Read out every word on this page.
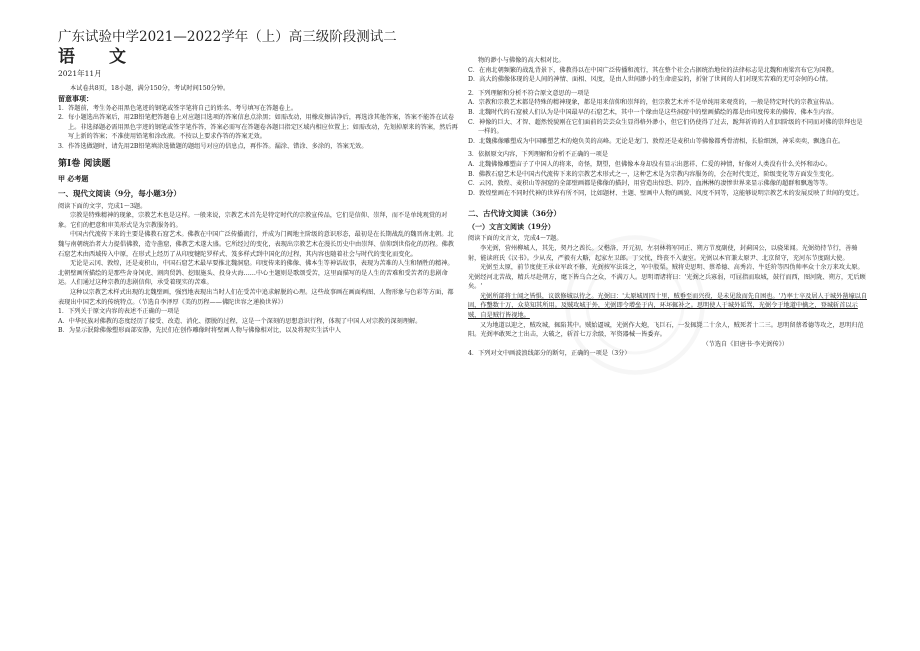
广东试验中学2021—2022学年（上）高三级阶段测试二

语文

2021年11月

本试卷共8页，18小题，满分150分，考试时间150分钟。

留意事项：

1．答题前，考生务必用黑色笔迹的钢笔或签字笔将自己的姓名、考号填写在答题卷上。

2．每小题选出答案后，用2B铅笔把答题卷上对应题目选项的答案信息点涂黑；如需改动，用橡皮擦洁净后，再选涂其他答案，答案不能答在试卷上。非选择题必需用黑色字迹的钢笔或签字笔作答，答案必需写在答题卷各题目指定区域内相应位置上；如需改动，先划掉原来的答案，然后再写上新的答案；不准使用铅笔和涂改液。不按以上要求作答的答案无效。

3．作答选做题时，请先用2B铅笔填涂选做题的题组号对应的信息点，再作答。漏涂、错涂、多涂的，答案无效。

第Ⅰ卷 阅读题

甲 必考题

一、现代文阅读（9分，每小题3分）

阅读下面的文字，完成1～3题。

宗教是特殊精神的现象，宗教艺术也是这样。一般来说，宗教艺术首先是特定时代的宗教宣传品，它们是信仰、崇拜，而不是单纯观赏的对象。它们的把意和审美形式是为宗教服务的。

中国古代流传下来的主要是佛教石窟艺术。佛教在中国广泛传播流行，并成为门阀地主阶级的意识形态，最初是在长期战乱的魏晋南北朝。北魏与南朝统治者大力提倡佛教，造寺凿窟，佛教艺术遂大盛。它所经过的变化，表现出宗教艺术在漫长历史中由崇拜、信仰到世俗化的历程。佛教石窟艺术由西域传入中原，在形式上经历了从印度犍陀罗样式、笈多样式到中国化的过程，其内容也随着社会与时代的变化而变化。

无论是云冈、敦煌，还是麦积山，中国石窟艺术最早要推北魏洞窟。印度传来的佛像、佛本生等神话故事，表现为苦难的人生和牺牲的精神。北朝壁画所描绘的是那些舍身饲虎、割肉贸鸽、挖眼施头、投身火海……中心主题则是歌颂受苦，这里面描写的是人生的苦难和受苦者的悲剧命运。人们通过这种宗教的悲剧信仰，承受着现实的苦难。

这种以宗教艺术样式出现的北魏壁画，强烈地表现出当时人们在受苦中追求解脱的心理。这些故事画在画面构图、人物形象与色彩等方面，都表现出中国艺术的传统特点。（节选自李泽厚《美的历程——佛陀世容之递换世界》）

1．下列关于原文内容的表述不正确的一项是

A．中华民族对佛教的态度经历了接受、改造、消化、摆脱的过程，这是一个深刻的思想意识行程，体现了中国人对宗教的深刻理解。

B．为显示泯除佛像塑形面部安静，先民们在创作雕像时将壁画人物与佛像相对比，以及将现实生活中人

物的渺小与佛像的高大相对比。

C．在南北朝频繁的战乱背景下，佛教得以在中国广泛传播和流行，其在整个社会占据统治地位的法律标志是北魏和南梁宫布它为国教。

D．高大的佛像体现的是人间的神情、面相、风度，是由人世间渺小的生命虚妄的，折射了世间的人们对现实苦难的无可奈何的心情。

2．下列理解和分析不符合原文意思的一项是

A．宗教和宗教艺术都是特殊的精神现象，都是用来信仰和崇拜的，但宗教艺术并不是单纯用来观赏的，一般是特定时代的宗教宣传品。

B．北魏时代的石窟被人们认为是中国最早的石窟艺术，其中一个缘由是这些洞窟中的壁画描绘的都是由印度传来的佛传、佛本生内容。

C．神像的巨大、才智、超然悦貌刚在它们面前的芸芸众生显得格外渺小，但它们仍使得了过去，跪拜祈祷的人们因阶级的不同而对佛的崇拜也是一样的。

D．北魏佛像雕塑成为中国雕塑艺术的炮负美的高峰。无论是龙门、敦煌还是麦积山等佛像都秀骨清相，长脸细颈，神采奕奕，飘逸自在。

3．依据原文内容，下列理解和分析不正确的一项是

A．北魏佛像雕塑亩子了中国人的将来，奇怪，期望，但佛像本身却没有显示出慈祥、仁爱的神情，好像对人类没有什么关怀和动心。

B．佛教石窟艺术是中国古代流传下来的宗教艺术形式之一，这种艺术是为宗教内容服务的，会在时代变迁，阶级变化等方面发生变化。

C．云冈、敦煌、麦积山等洞窟的全部壁画都是佛像的描封，用营造出惊恐、阴冷、血淋淋的凄惨世界来显示佛像的超群和飘逸等等。

D．敦煌壁画在不同时代神的世界有所不同，比如题材、主题、壁画中人物的画貌、风度不同等，这能够说明宗教艺术的发展反映了世间的变迁。

二、古代诗文阅读（36分）

（一）文言文阅读（19分）

阅读下面的文言文，完成4～7题。

李光弼，营州柳城人，其先，契丹之酋长。父楷洛，开元初，左羽林将军同正、朔方节度副使，封蓟国公，以骁果闻。光弼幼持节行，善骑射，能读班氏《汉书》。少从戎，严毅有大略，起家左卫郎。丁父忧，终丧不入妻室。光弼以本官兼太原尹、北京留守，充河东节度副大使。

光弼至太原，前节度使王承业军政不修，光弼按军法诛之，军中股栗。贼将史思明、蔡希德、高秀岩、牛廷玠等四伪帅率众十余万来攻太原。光弼经河北苦战，精兵尽赴朔方，麾下皆乌合之众，不满万人。思明谓诸将曰：'光弼之兵寡弱，可屈指而取城，鼓行而西，图河陇、朔方，无后顾矣。'

光弼所部将士闻之皆惧，议欲修城以待之。光弼曰：'太原城周四十里，贼垂至而兴役，是未见敌而先自困也。'乃率士卒及居人于城外凿壕以自固，作墼数十万，众莫知其所用。及贼攻城于外，光弼即令增垒于内，环坏辄补之。思明使人于城外诟骂，光弼令于地道中擒之，登城斩首以示贼，自是贼行皆视地。

又为地道以迎之，贼攻城，辄陷其中。贼始逼城，光弼作大炮，飞巨石，一发辄毙二十余人，贼死者十二三。思明留蔡希德等攻之，思明归范阳。光弼率敢死之士出击，大破之，斩首七万余级，军资器械一皆委弃。

（节选自《旧唐书·李光弼传》）

4．下列对文中画波浪线部分的断句，正确的一项是（3分）
